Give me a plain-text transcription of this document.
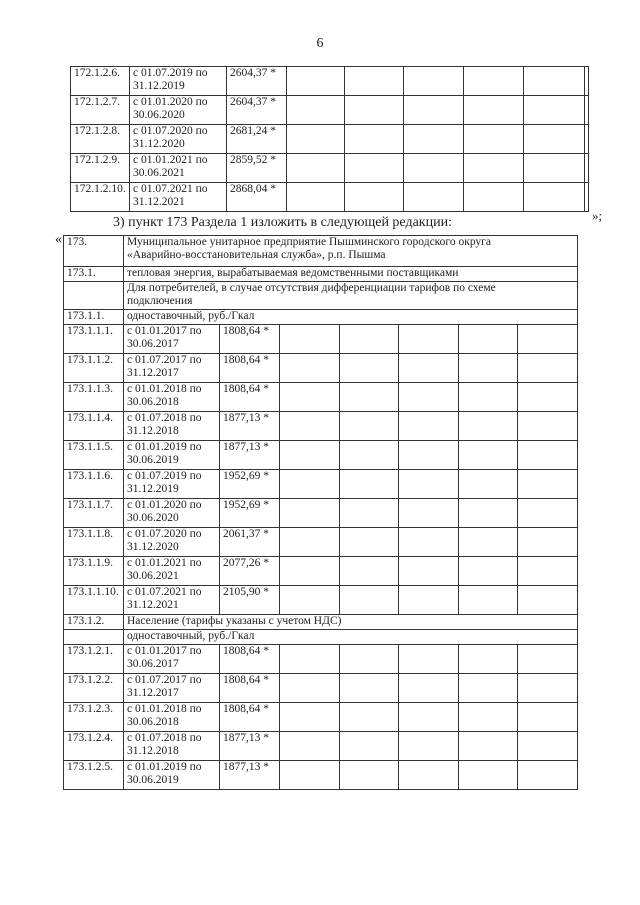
6
172.1.2.6.	с 01.07.2019 по
31.12.2019	2604,37 *						
172.1.2.7.	с 01.01.2020 по
30.06.2020	2604,37 *						
172.1.2.8.	с 01.07.2020 по
31.12.2020	2681,24 *						
172.1.2.9.	с 01.01.2021 по
30.06.2021	2859,52 *						
172.1.2.10.	с 01.07.2021 по
31.12.2021	2868,04 *						
»;
3) пункт 173 Раздела 1 изложить в следующей редакции:
« 173.	Муниципальное унитарное предприятие Пышминского городского округа
«Аварийно-восстановительная служба», р.п. Пышма						

173.1.	тепловая энергия, вырабатываемая ведомственными поставщиками						

	Для потребителей, в случае отсутствия дифференциации тарифов по схеме
подключения						

173.1.1.	одноставочный, руб./Гкал						
173.1.1.1.	с 01.01.2017 по
30.06.2017	1808,64 *					
173.1.1.2.	с 01.07.2017 по
31.12.2017	1808,64 *					
173.1.1.3.	с 01.01.2018 по
30.06.2018	1808,64 *					
173.1.1.4.	с 01.07.2018 по
31.12.2018	1877,13 *					
173.1.1.5.	с 01.01.2019 по
30.06.2019	1877,13 *					
173.1.1.6.	с 01.07.2019 по
31.12.2019	1952,69 *					
173.1.1.7.	с 01.01.2020 по
30.06.2020	1952,69 *					
173.1.1.8.	с 01.07.2020 по
31.12.2020	2061,37 *					
173.1.1.9.	с 01.01.2021 по
30.06.2021	2077,26 *					
173.1.1.10.	с 01.07.2021 по
31.12.2021	2105,90 *					
173.1.2.	Население (тарифы указаны с учетом НДС)						
	одноставочный, руб./Гкал						
173.1.2.1.	с 01.01.2017 по
30.06.2017	1808,64 *					
173.1.2.2.	с 01.07.2017 по
31.12.2017	1808,64 *					
173.1.2.3.	с 01.01.2018 по
30.06.2018	1808,64 *					
173.1.2.4.	с 01.07.2018 по
31.12.2018	1877,13 *					
173.1.2.5.	с 01.01.2019 по
30.06.2019	1877,13 *					
